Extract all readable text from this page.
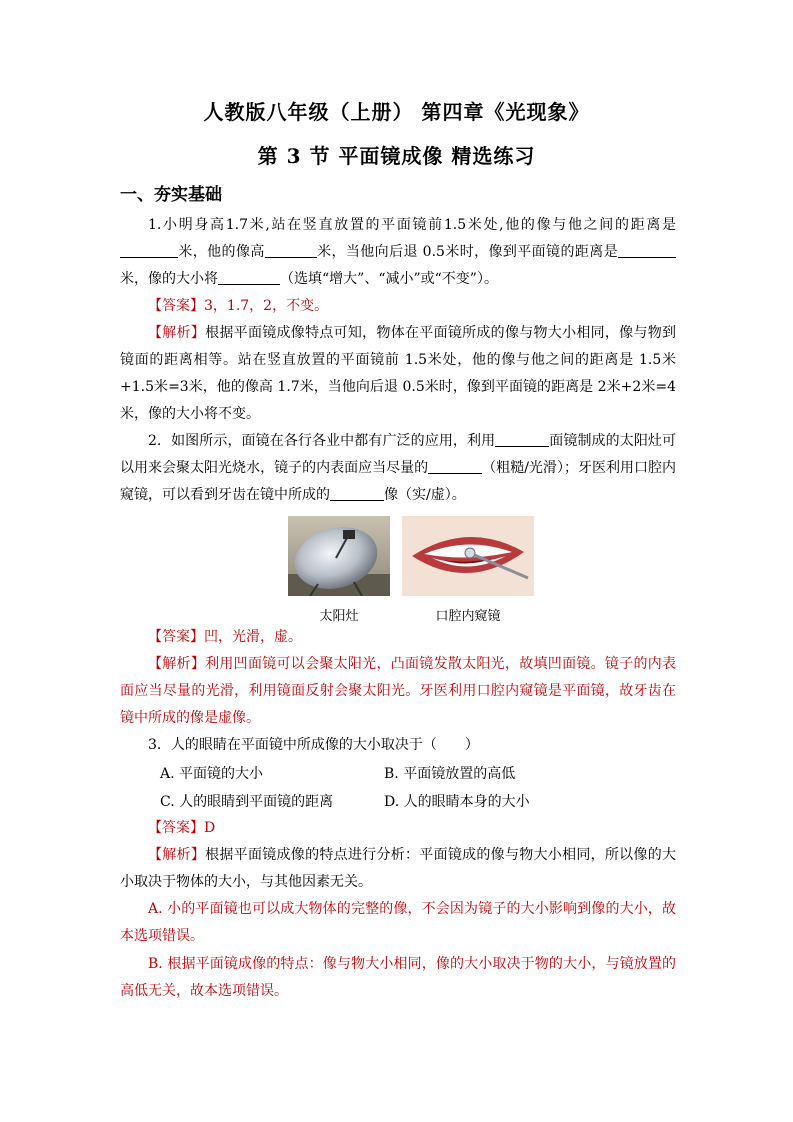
人教版八年级（上册） 第四章《光现象》
第 3 节 平面镜成像 精选练习
一、夯实基础
1.小明身高1.7米,站在竖直放置的平面镜前1.5米处,他的像与他之间的距离是米，他的像高	米，当他向后退 0.5米时，像到平面镜的距离是米，像的大小将	（选填“增大”、“减小”或“不变”）。
【答案】3，1.7，2，不变。
【解析】根据平面镜成像特点可知，物体在平面镜所成的像与物大小相同，像与物到镜面的距离相等。站在竖直放置的平面镜前 1.5米处，他的像与他之间的距离是 1.5米+1.5米=3米，他的像高 1.7米，当他向后退 0.5米时，像到平面镜的距离是 2米+2米=4米，像的大小将不变。
2．如图所示，面镜在各行各业中都有广泛的应用，利用	面镜制成的太阳灶可以用来会聚太阳光烧水，镜子的内表面应当尽量的	（粗糙/光滑）；牙医利用口腔内窥镜，可以看到牙齿在镜中所成的	像（实/虚）。
太阳灶	口腔内窥镜
【答案】凹，光滑，虚。
【解析】利用凹面镜可以会聚太阳光，凸面镜发散太阳光，故填凹面镜。镜子的内表面应当尽量的光滑，利用镜面反射会聚太阳光。牙医利用口腔内窥镜是平面镜，故牙齿在镜中所成的像是虚像。
3．人的眼睛在平面镜中所成像的大小取决于（　　）
A. 平面镜的大小	B. 平面镜放置的高低
C. 人的眼睛到平面镜的距离	D. 人的眼睛本身的大小
【答案】D
【解析】根据平面镜成像的特点进行分析：平面镜成的像与物大小相同，所以像的大小取决于物体的大小，与其他因素无关。
A. 小的平面镜也可以成大物体的完整的像，不会因为镜子的大小影响到像的大小，故本选项错误。
B. 根据平面镜成像的特点：像与物大小相同，像的大小取决于物的大小，与镜放置的高低无关，故本选项错误。
